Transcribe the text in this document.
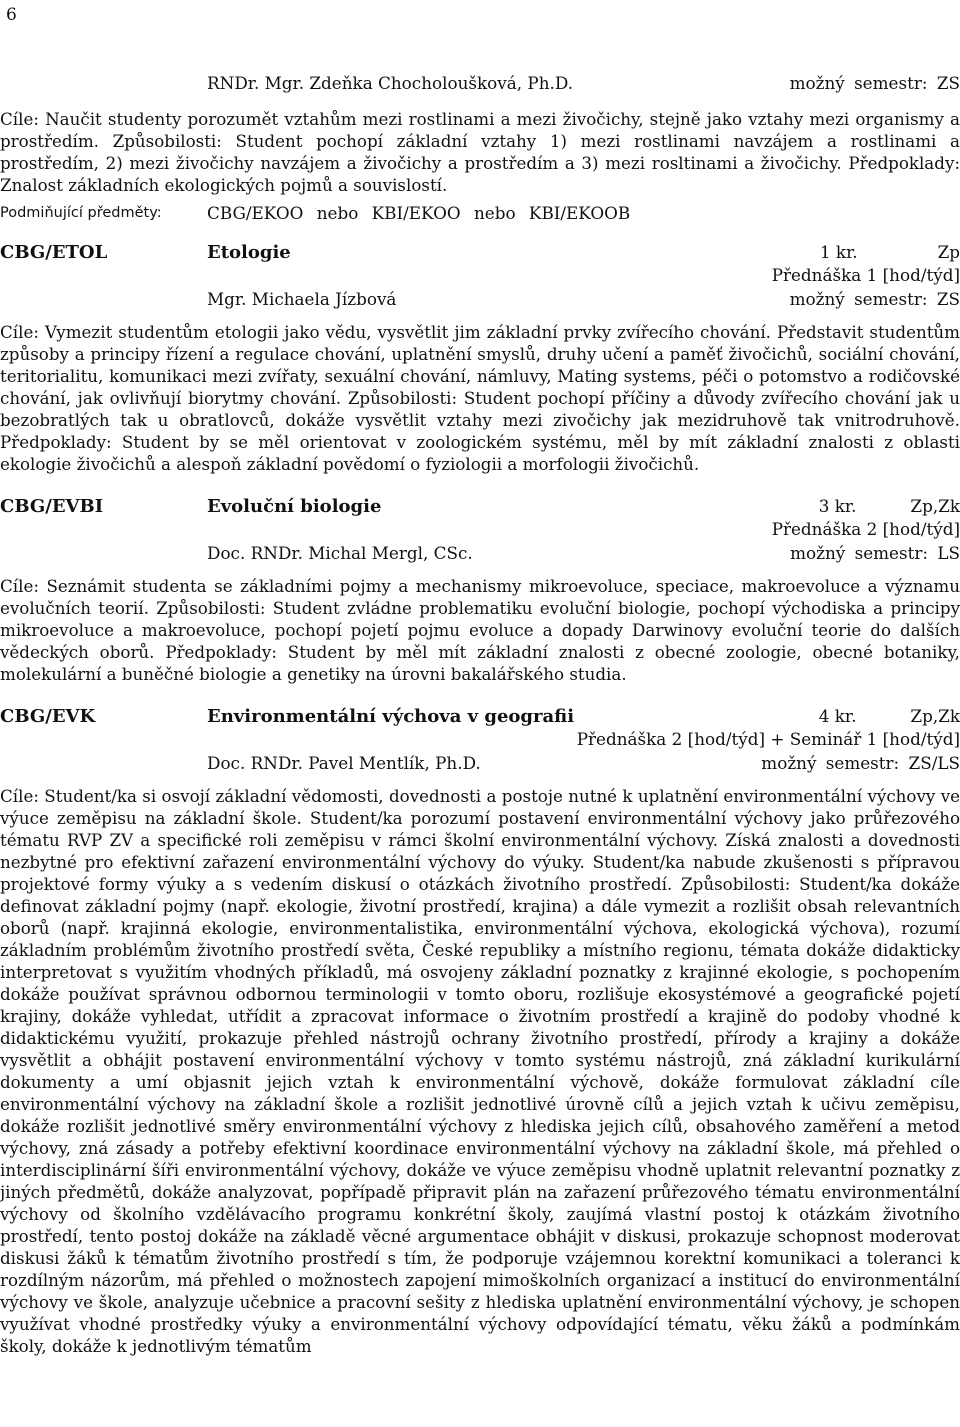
6
RNDr. Mgr. Zdeňka Chocholoušková, Ph.D.	možný semestr: ZS

Cíle: Naučit studenty porozumět vztahům mezi rostlinami a mezi živočichy, stejně jako vztahy mezi organismy a prostředím. Způsobilosti: Student pochopí základní vztahy 1) mezi rostlinami navzájem a rostlinami a prostředím, 2) mezi živočichy navzájem a živočichy a prostředím a 3) mezi rosltinami a živočichy. Předpoklady: Znalost základních ekologických pojmů a souvislostí.

Podmiňující předměty:	CBG/EKOO nebo KBI/EKOO nebo KBI/EKOOB
CBG/ETOL	Etologie	1 kr.	Zp
Přednáška 1 [hod/týd]
Mgr. Michaela Jízbová	možný semestr: ZS

Cíle: Vymezit studentům etologii jako vědu, vysvětlit jim základní prvky zvířecího chování. Představit studentům způsoby a principy řízení a regulace chování, uplatnění smyslů, druhy učení a paměť živočichů, sociální chování, teritorialitu, komunikaci mezi zvířaty, sexuální chování, námluvy, Mating systems, péči o potomstvo a rodičovské chování, jak ovlivňují biorytmy chování. Způsobilosti: Student pochopí příčiny a důvody zvířecího chování jak u bezobratlých tak u obratlovců, dokáže vysvětlit vztahy mezi zivočichy jak mezidruhově tak vnitrodruhově. Předpoklady: Student by se měl orientovat v zoologickém systému, měl by mít základní znalosti z oblasti ekologie živočichů a alespoň základní povědomí o fyziologii a morfologii živočichů.

CBG/EVBI	Evoluční biologie	3 kr.	Zp,Zk
Přednáška 2 [hod/týd]
Doc. RNDr. Michal Mergl, CSc.	možný semestr: LS

Cíle: Seznámit studenta se základními pojmy a mechanismy mikroevoluce, speciace, makroevoluce a významu evolučních teorií. Způsobilosti: Student zvládne problematiku evoluční biologie, pochopí východiska a principy mikroevoluce a makroevoluce, pochopí pojetí pojmu evoluce a dopady Darwinovy evoluční teorie do dalších vědeckých oborů. Předpoklady: Student by měl mít základní znalosti z obecné zoologie, obecné botaniky, molekulární a buněčné biologie a genetiky na úrovni bakalářského studia.

CBG/EVK	Environmentální výchova v geografii	4 kr.	Zp,Zk
Přednáška 2 [hod/týd] + Seminář 1 [hod/týd]
Doc. RNDr. Pavel Mentlík, Ph.D.	možný semestr: ZS/LS

Cíle: Student/ka si osvojí základní vědomosti, dovednosti a postoje nutné k uplatnění environmentální výchovy ve výuce zeměpisu na základní škole. Student/ka porozumí postavení environmentální výchovy jako průřezového tématu RVP ZV a specifické roli zeměpisu v rámci školní environmentální výchovy. Získá znalosti a dovednosti nezbytné pro efektivní zařazení environmentální výchovy do výuky. Student/ka nabude zkušenosti s přípravou projektové formy výuky a s vedením diskusí o otázkách životního prostředí. Způsobilosti: Student/ka dokáže definovat základní pojmy (např. ekologie, životní prostředí, krajina) a dále vymezit a rozlišit obsah relevantních oborů (např. krajinná ekologie, environmentalistika, environmentální výchova, ekologická výchova), rozumí základním problémům životního prostředí světa, České republiky a místního regionu, témata dokáže didakticky interpretovat s využitím vhodných příkladů, má osvojeny základní poznatky z krajinné ekologie, s pochopením dokáže používat správnou odbornou terminologii v tomto oboru, rozlišuje ekosystémové a geografické pojetí krajiny, dokáže vyhledat, utřídit a zpracovat informace o životním prostředí a krajině do podoby vhodné k didaktickému využití, prokazuje přehled nástrojů ochrany životního prostředí, přírody a krajiny a dokáže vysvětlit a obhájit postavení environmentální výchovy v tomto systému nástrojů, zná základní kurikulární dokumenty a umí objasnit jejich vztah k environmentální výchově, dokáže formulovat základní cíle environmentální výchovy na základní škole a rozlišit jednotlivé úrovně cílů a jejich vztah k učivu zeměpisu, dokáže rozlišit jednotlivé směry environmentální výchovy z hlediska jejich cílů, obsahového zaměření a metod výchovy, zná zásady a potřeby efektivní koordinace environmentální výchovy na základní škole, má přehled o interdisciplinární šíři environmentální výchovy, dokáže ve výuce zeměpisu vhodně uplatnit relevantní poznatky z jiných předmětů, dokáže analyzovat, popřípadě připravit plán na zařazení průřezového tématu environmentální výchovy od školního vzdělávacího programu konkrétní školy, zaujímá vlastní postoj k otázkám životního prostředí, tento postoj dokáže na základě věcné argumentace obhájit v diskusi, prokazuje schopnost moderovat diskusi žáků k tématům životního prostředí s tím, že podporuje vzájemnou korektní komunikaci a toleranci k rozdílným názorům, má přehled o možnostech zapojení mimoškolních organizací a institucí do environmentální výchovy ve škole, analyzuje učebnice a pracovní sešity z hlediska uplatnění environmentální výchovy, je schopen využívat vhodné prostředky výuky a environmentální výchovy odpovídající tématu, věku žáků a podmínkám školy, dokáže k jednotlivým tématům
